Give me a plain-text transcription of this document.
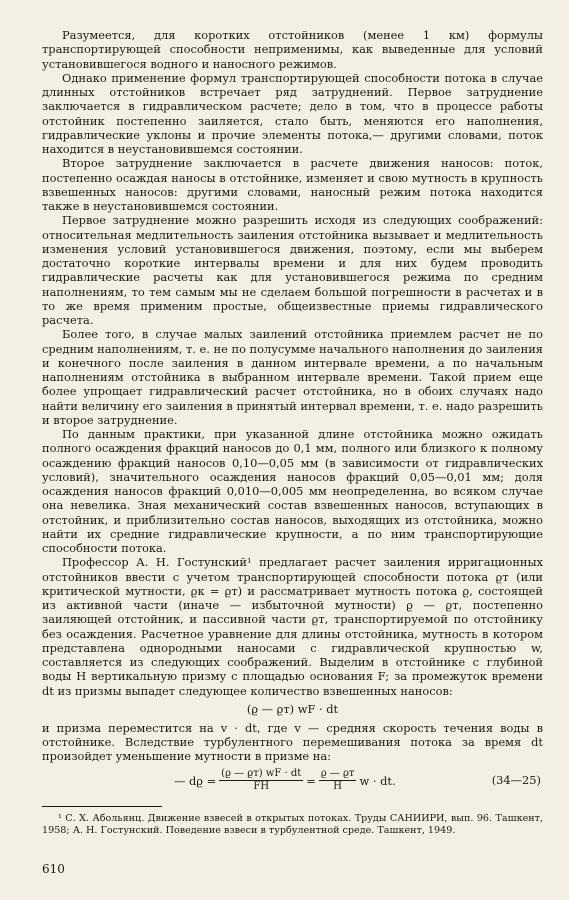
Разумеется, для коротких отстойников (менее 1 км) формулы транспортирующей способности неприменимы, как выведенные для условий установившегося водного и наносного режимов.

Однако применение формул транспортирующей способности потока в случае длинных отстойников встречает ряд затруднений. Первое затруднение заключается в гидравлическом расчете; дело в том, что в процессе работы отстойник постепенно заиляется, стало быть, меняются его наполнения, гидравлические уклоны и прочие элементы потока,— другими словами, поток находится в неустановившемся состоянии.

Второе затруднение заключается в расчете движения наносов: поток, постепенно осаждая наносы в отстойнике, изменяет и свою мутность в крупность взвешенных наносов: другими словами, наносный режим потока находится также в неустановившемся состоянии.

Первое затруднение можно разрешить исходя из следующих соображений: относительная медлительность заиления отстойника вызывает и медлительность изменения условий установившегося движения, поэтому, если мы выберем достаточно короткие интервалы времени и для них будем проводить гидравлические расчеты как для установившегося режима по средним наполнениям, то тем самым мы не сделаем большой погрешности в расчетах и в то же время применим простые, общеизвестные приемы гидравлического расчета.

Более того, в случае малых заилений отстойника приемлем расчет не по средним наполнениям, т. е. не по полусумме начального наполнения до заиления и конечного после заиления в данном интервале времени, а по начальным наполнениям отстойника в выбранном интервале времени. Такой прием еще более упрощает гидравлический расчет отстойника, но в обоих случаях надо найти величину его заиления в принятый интервал времени, т. е. надо разрешить и второе затруднение.

По данным практики, при указанной длине отстойника можно ожидать полного осаждения фракций наносов до 0,1 мм, полного или близкого к полному осаждению фракций наносов 0,10—0,05 мм (в зависимости от гидравлических условий), значительного осаждения наносов фракций 0,05—0,01 мм; доля осаждения наносов фракций 0,010—0,005 мм неопределенна, во всяком случае она невелика. Зная механический состав взвешенных наносов, вступающих в отстойник, и приблизительно состав наносов, выходящих из отстойника, можно найти их средние гидравлические крупности, а по ним транспортирующие способности потока.

Профессор А. Н. Гостунский¹ предлагает расчет заиления ирригационных отстойников ввести с учетом транспортирующей способности потока ϱт (или критической мутности, ϱк = ϱт) и рассматривает мутность потока ϱ, состоящей из активной части (иначе — избыточной мутности) ϱ — ϱт, постепенно заиляющей отстойник, и пассивной части ϱт, транспортируемой по отстойнику без осаждения. Расчетное уравнение для длины отстойника, мутность в котором представлена однородными наносами с гидравлической крупностью w, составляется из следующих соображений. Выделим в отстойнике с глубиной воды H вертикальную призму с площадью основания F; за промежуток времени dt из призмы выпадет следующее количество взвешенных наносов:

(ϱ — ϱт) wF · dt

и призма переместится на v · dt, где v — средняя скорость течения воды в отстойнике. Вследствие турбулентного перемешивания потока за время dt произойдет уменьшение мутности в призме на:

— $dϱ = \frac{(ϱ — ϱт) wF \cdot dt}{FH} = \frac{ϱ — ϱт}{H}$ w · dt.	(34—25)

¹ С. Х. Абольянц. Движение взвесей в открытых потоках. Труды САНИИРИ, вып. 96. Ташкент, 1958; А. Н. Гостунский. Поведение взвеси в турбулентной среде. Ташкент, 1949.

610
